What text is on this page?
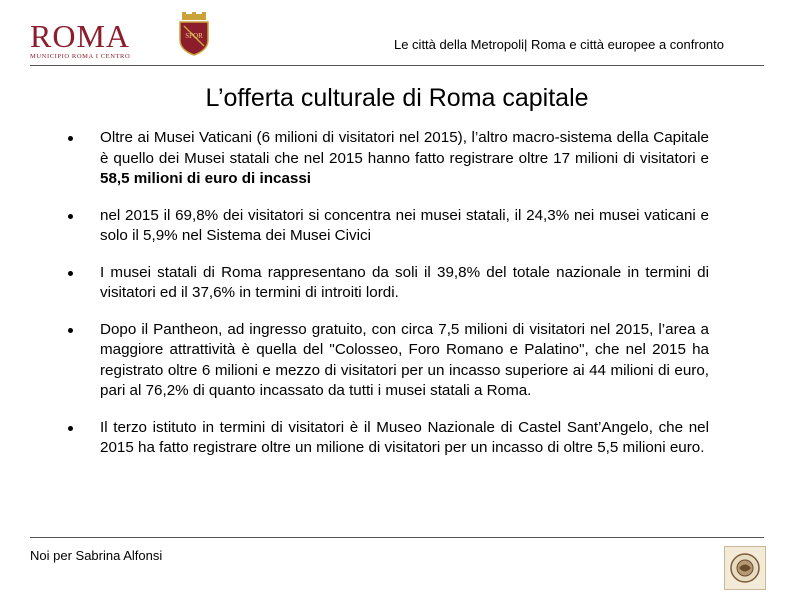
ROMA
MUNICIPIO ROMA I CENTRO
SPQR
Le città della Metropoli| Roma e città europee a confronto
L’offerta culturale di Roma capitale
Oltre ai Musei Vaticani (6 milioni di visitatori nel 2015), l’altro macro-sistema della Capitale è quello dei Musei statali che nel 2015 hanno fatto registrare oltre 17 milioni di visitatori e 58,5 milioni di euro di incassi
nel 2015 il 69,8% dei visitatori si concentra nei musei statali, il 24,3% nei musei vaticani e solo il 5,9% nel Sistema dei Musei Civici
I musei statali di Roma rappresentano da soli il 39,8% del totale nazionale in termini di visitatori ed il 37,6% in termini di introiti lordi.
Dopo il Pantheon, ad ingresso gratuito, con circa 7,5 milioni di visitatori nel 2015, l’area a maggiore attrattività è quella del "Colosseo, Foro Romano e Palatino", che nel 2015 ha registrato oltre 6 milioni e mezzo di visitatori per un incasso superiore ai 44 milioni di euro, pari al 76,2% di quanto incassato da tutti i musei statali a Roma.
Il terzo istituto in termini di visitatori è il Museo Nazionale di Castel Sant’Angelo, che nel 2015 ha fatto registrare oltre un milione di visitatori per un incasso di oltre 5,5 milioni euro.
Noi per Sabrina Alfonsi
